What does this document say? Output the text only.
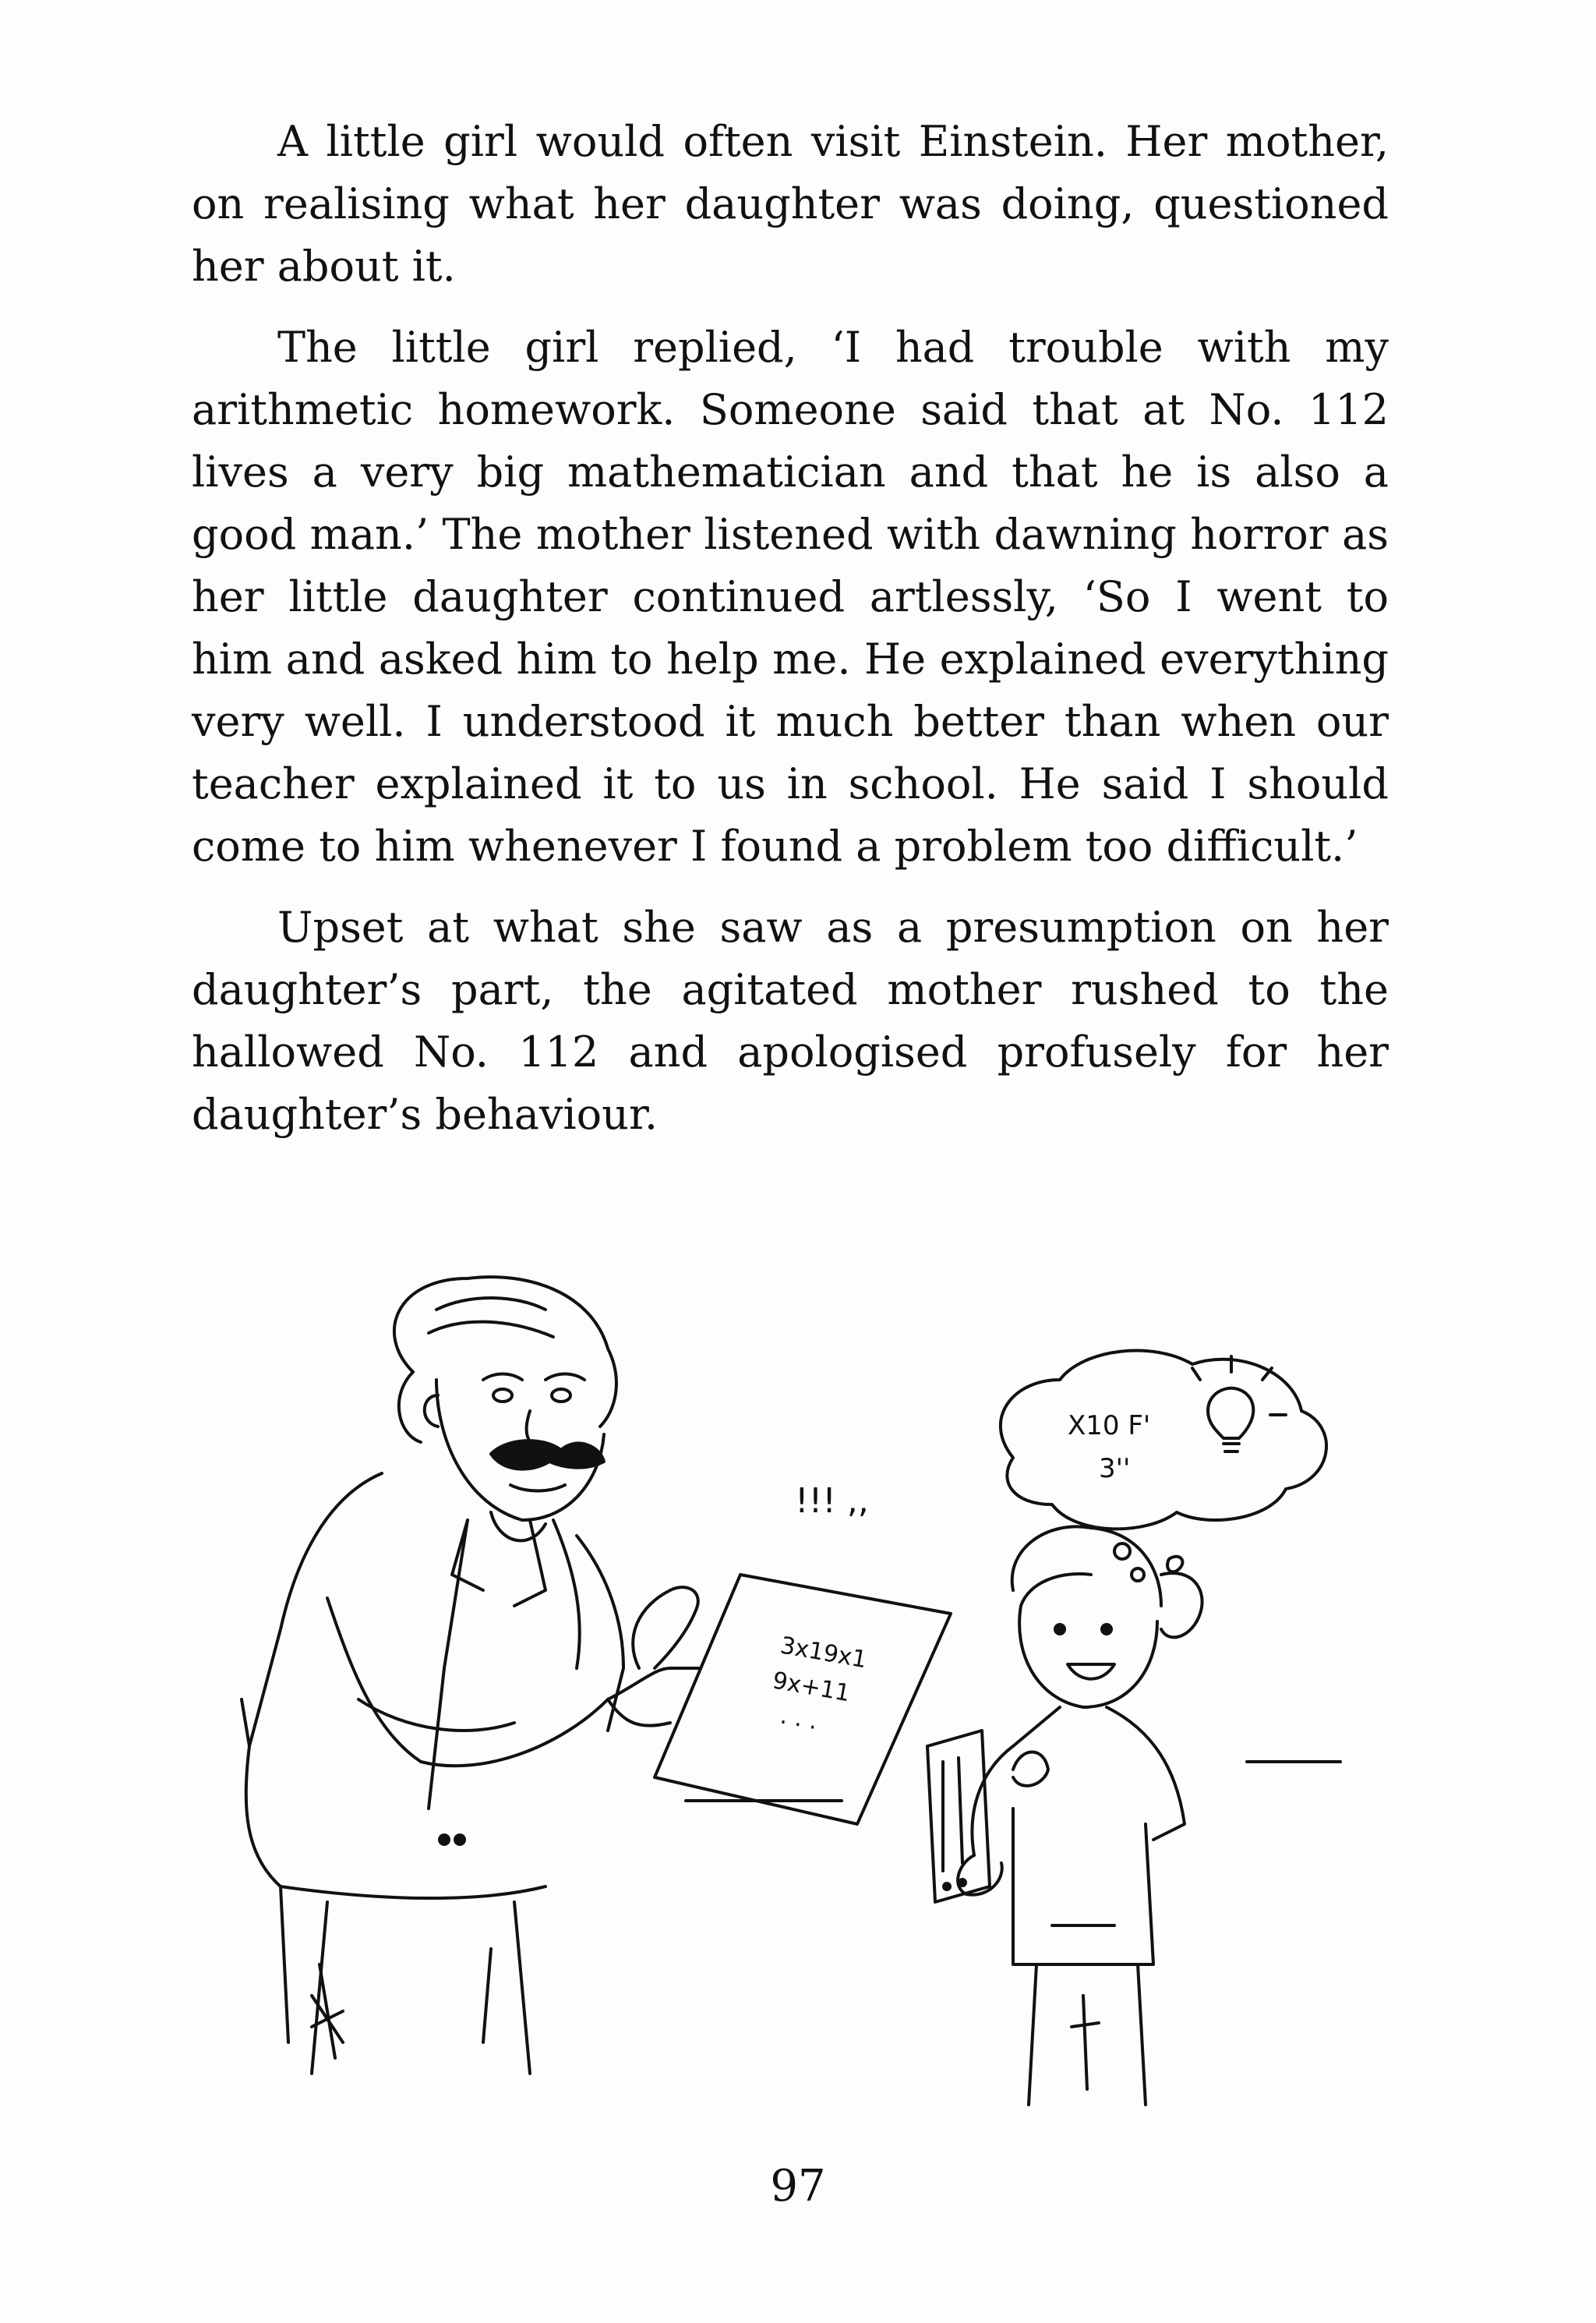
A little girl would often visit Einstein. Her mother, on realising what her daughter was doing, questioned her about it.

The little girl replied, ‘I had trouble with my arithmetic homework. Someone said that at No. 112 lives a very big mathematician and that he is also a good man.’ The mother listened with dawning horror as her little daughter continued artlessly, ‘So I went to him and asked him to help me. He explained everything very well. I understood it much better than when our teacher explained it to us in school. He said I should come to him whenever I found a problem too difficult.’

Upset at what she saw as a presumption on her daughter’s part, the agitated mother rushed to the hallowed No. 112 and apologised profusely for her daughter’s behaviour.

3x19x1
9x+11
. . .
!!! ,,
X10 F'
3''
97
